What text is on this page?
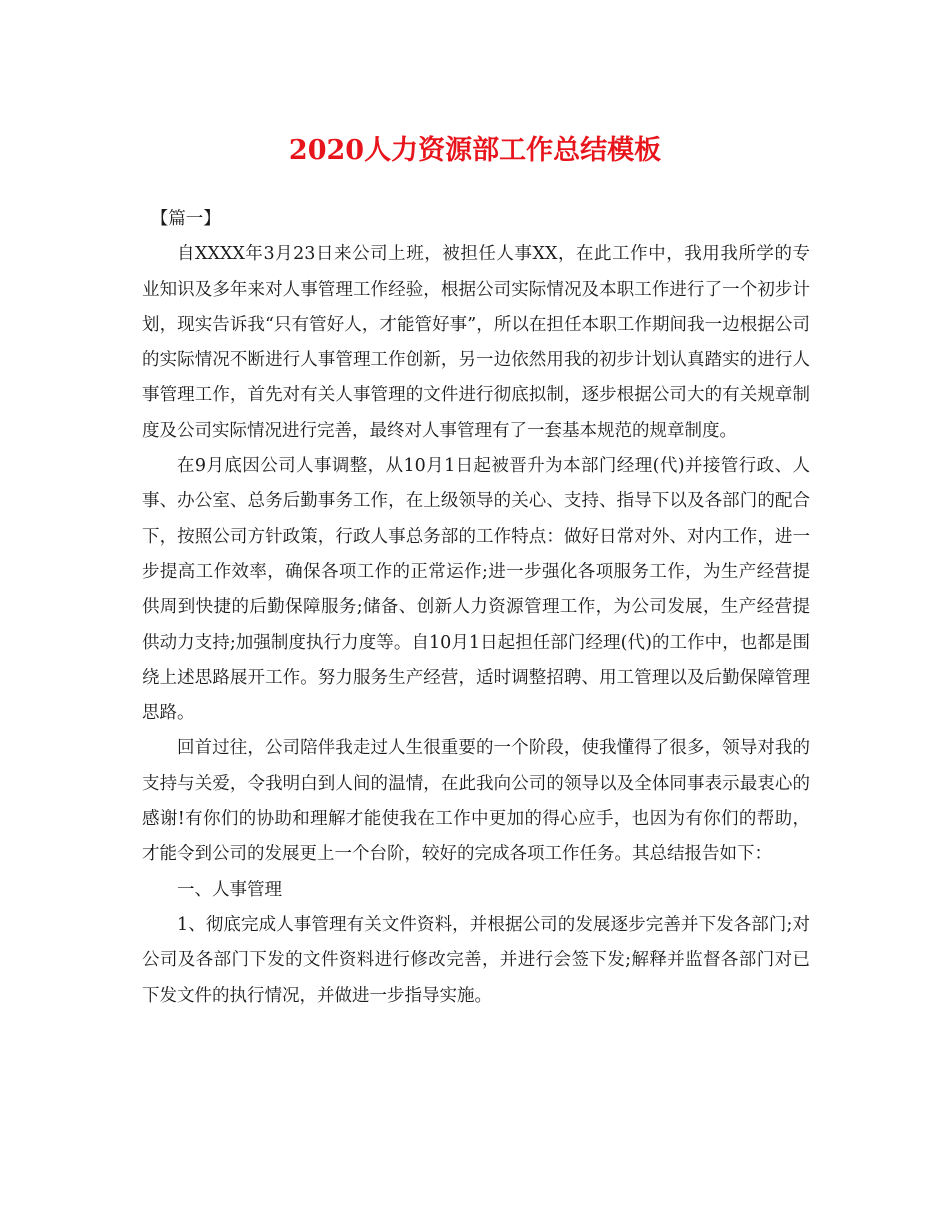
2020人力资源部工作总结模板

【篇一】

自XXXX年3月23日来公司上班，被担任人事XX，在此工作中，我用我所学的专业知识及多年来对人事管理工作经验，根据公司实际情况及本职工作进行了一个初步计划，现实告诉我“只有管好人，才能管好事”，所以在担任本职工作期间我一边根据公司的实际情况不断进行人事管理工作创新，另一边依然用我的初步计划认真踏实的进行人事管理工作，首先对有关人事管理的文件进行彻底拟制，逐步根据公司大的有关规章制度及公司实际情况进行完善，最终对人事管理有了一套基本规范的规章制度。

在9月底因公司人事调整，从10月1日起被晋升为本部门经理(代)并接管行政、人事、办公室、总务后勤事务工作，在上级领导的关心、支持、指导下以及各部门的配合下，按照公司方针政策，行政人事总务部的工作特点：做好日常对外、对内工作，进一步提高工作效率，确保各项工作的正常运作;进一步强化各项服务工作，为生产经营提供周到快捷的后勤保障服务;储备、创新人力资源管理工作，为公司发展，生产经营提供动力支持;加强制度执行力度等。自10月1日起担任部门经理(代)的工作中，也都是围绕上述思路展开工作。努力服务生产经营，适时调整招聘、用工管理以及后勤保障管理思路。

回首过往，公司陪伴我走过人生很重要的一个阶段，使我懂得了很多，领导对我的支持与关爱，令我明白到人间的温情，在此我向公司的领导以及全体同事表示最衷心的感谢!有你们的协助和理解才能使我在工作中更加的得心应手，也因为有你们的帮助，才能令到公司的发展更上一个台阶，较好的完成各项工作任务。其总结报告如下：

一、人事管理

1、彻底完成人事管理有关文件资料，并根据公司的发展逐步完善并下发各部门;对公司及各部门下发的文件资料进行修改完善，并进行会签下发;解释并监督各部门对已下发文件的执行情况，并做进一步指导实施。
